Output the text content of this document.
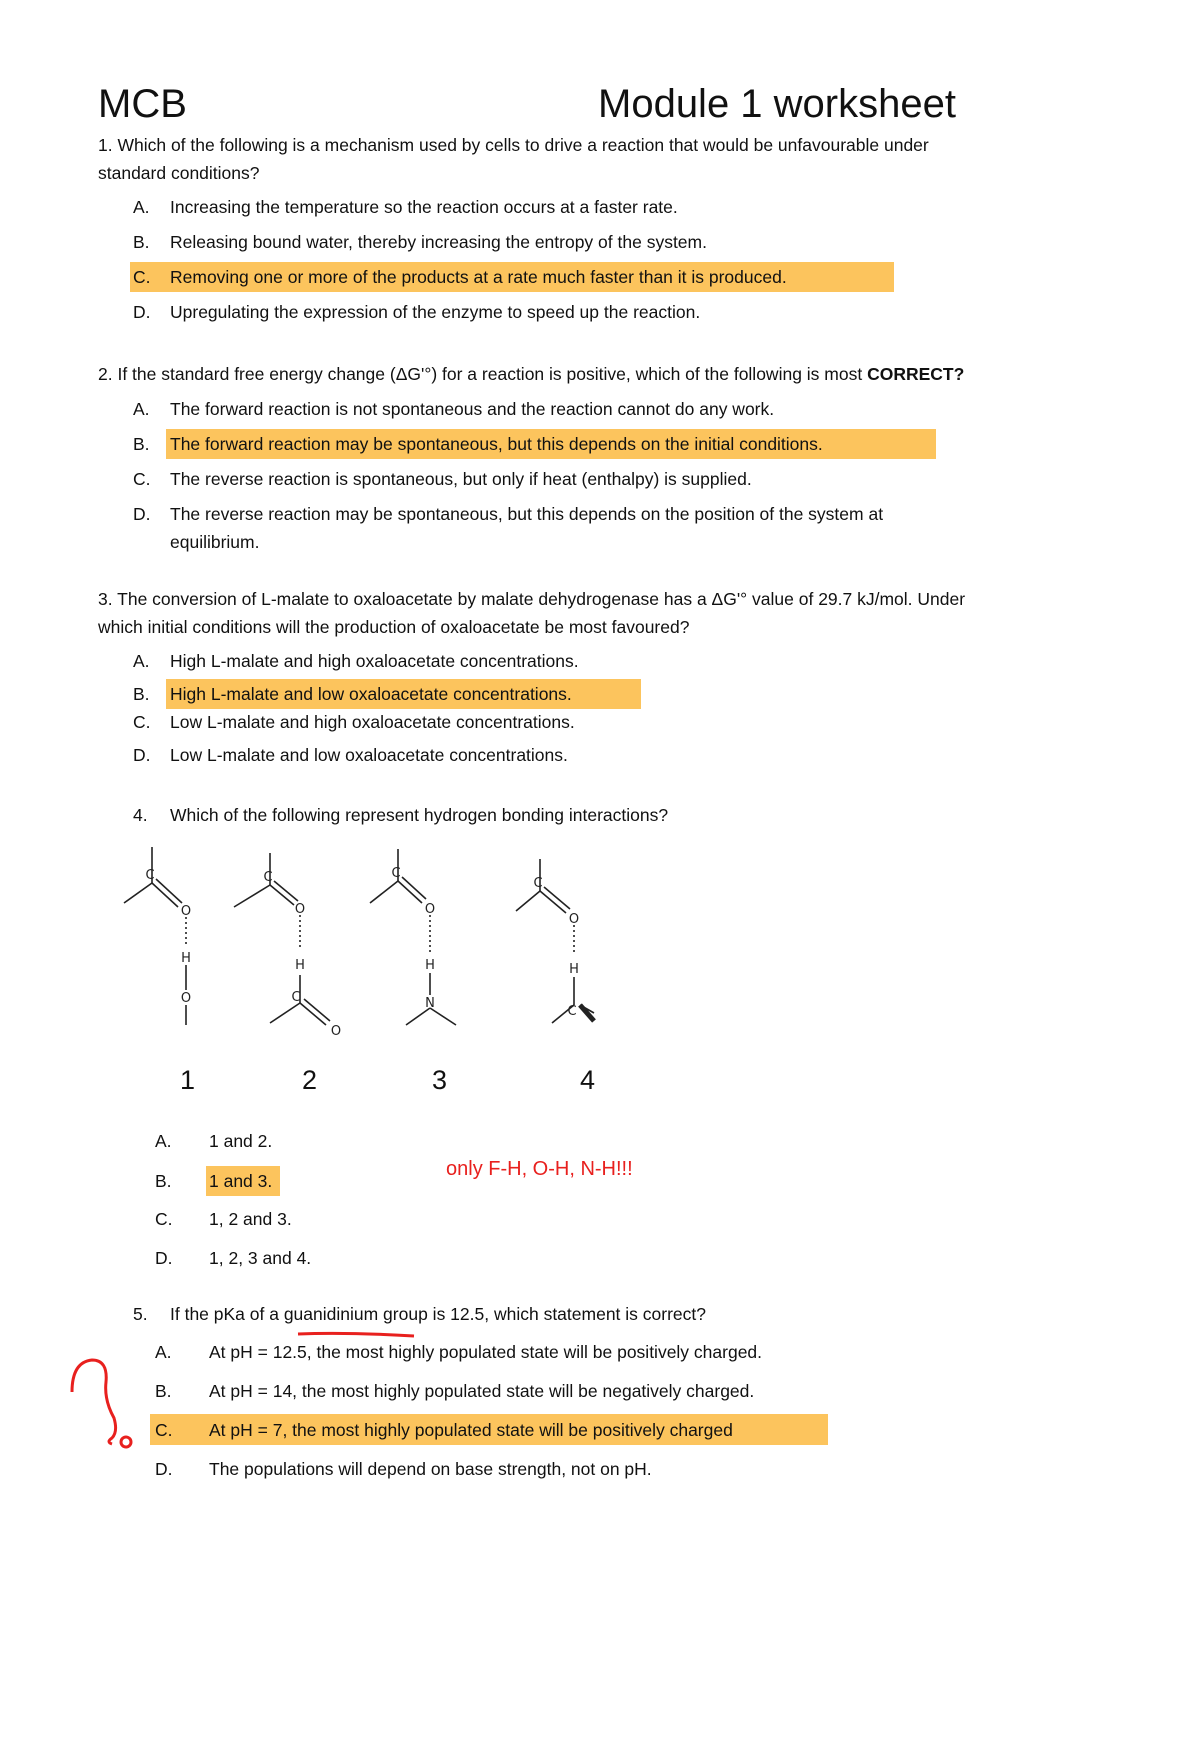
MCB	Module 1 worksheet
1. Which of the following is a mechanism used by cells to drive a reaction that would be unfavourable under
standard conditions?
A. Increasing the temperature so the reaction occurs at a faster rate.
B. Releasing bound water, thereby increasing the entropy of the system.
C. Removing one or more of the products at a rate much faster than it is produced.
D. Upregulating the expression of the enzyme to speed up the reaction.
2. If the standard free energy change (ΔG'°) for a reaction is positive, which of the following is most CORRECT?
A. The forward reaction is not spontaneous and the reaction cannot do any work.
B. The forward reaction may be spontaneous, but this depends on the initial conditions.
C. The reverse reaction is spontaneous, but only if heat (enthalpy) is supplied.
D. The reverse reaction may be spontaneous, but this depends on the position of the system at
equilibrium.
3. The conversion of L-malate to oxaloacetate by malate dehydrogenase has a ΔG'° value of 29.7 kJ/mol. Under
which initial conditions will the production of oxaloacetate be most favoured?
A. High L-malate and high oxaloacetate concentrations.
B. High L-malate and low oxaloacetate concentrations.
C. Low L-malate and high oxaloacetate concentrations.
D. Low L-malate and low oxaloacetate concentrations.
4. Which of the following represent hydrogen bonding interactions?
C
O
H
O
C
O
H
C
O
C
O
H
N
C
O
H
C
1	2	3	4
A. 1 and 2.
B. 1 and 3.
C. 1, 2 and 3.
D. 1, 2, 3 and 4.
only F-H, O-H, N-H!!!
5. If the pKa of a guanidinium group is 12.5, which statement is correct?
A. At pH = 12.5, the most highly populated state will be positively charged.
B. At pH = 14, the most highly populated state will be negatively charged.
C. At pH = 7, the most highly populated state will be positively charged
D. The populations will depend on base strength, not on pH.
